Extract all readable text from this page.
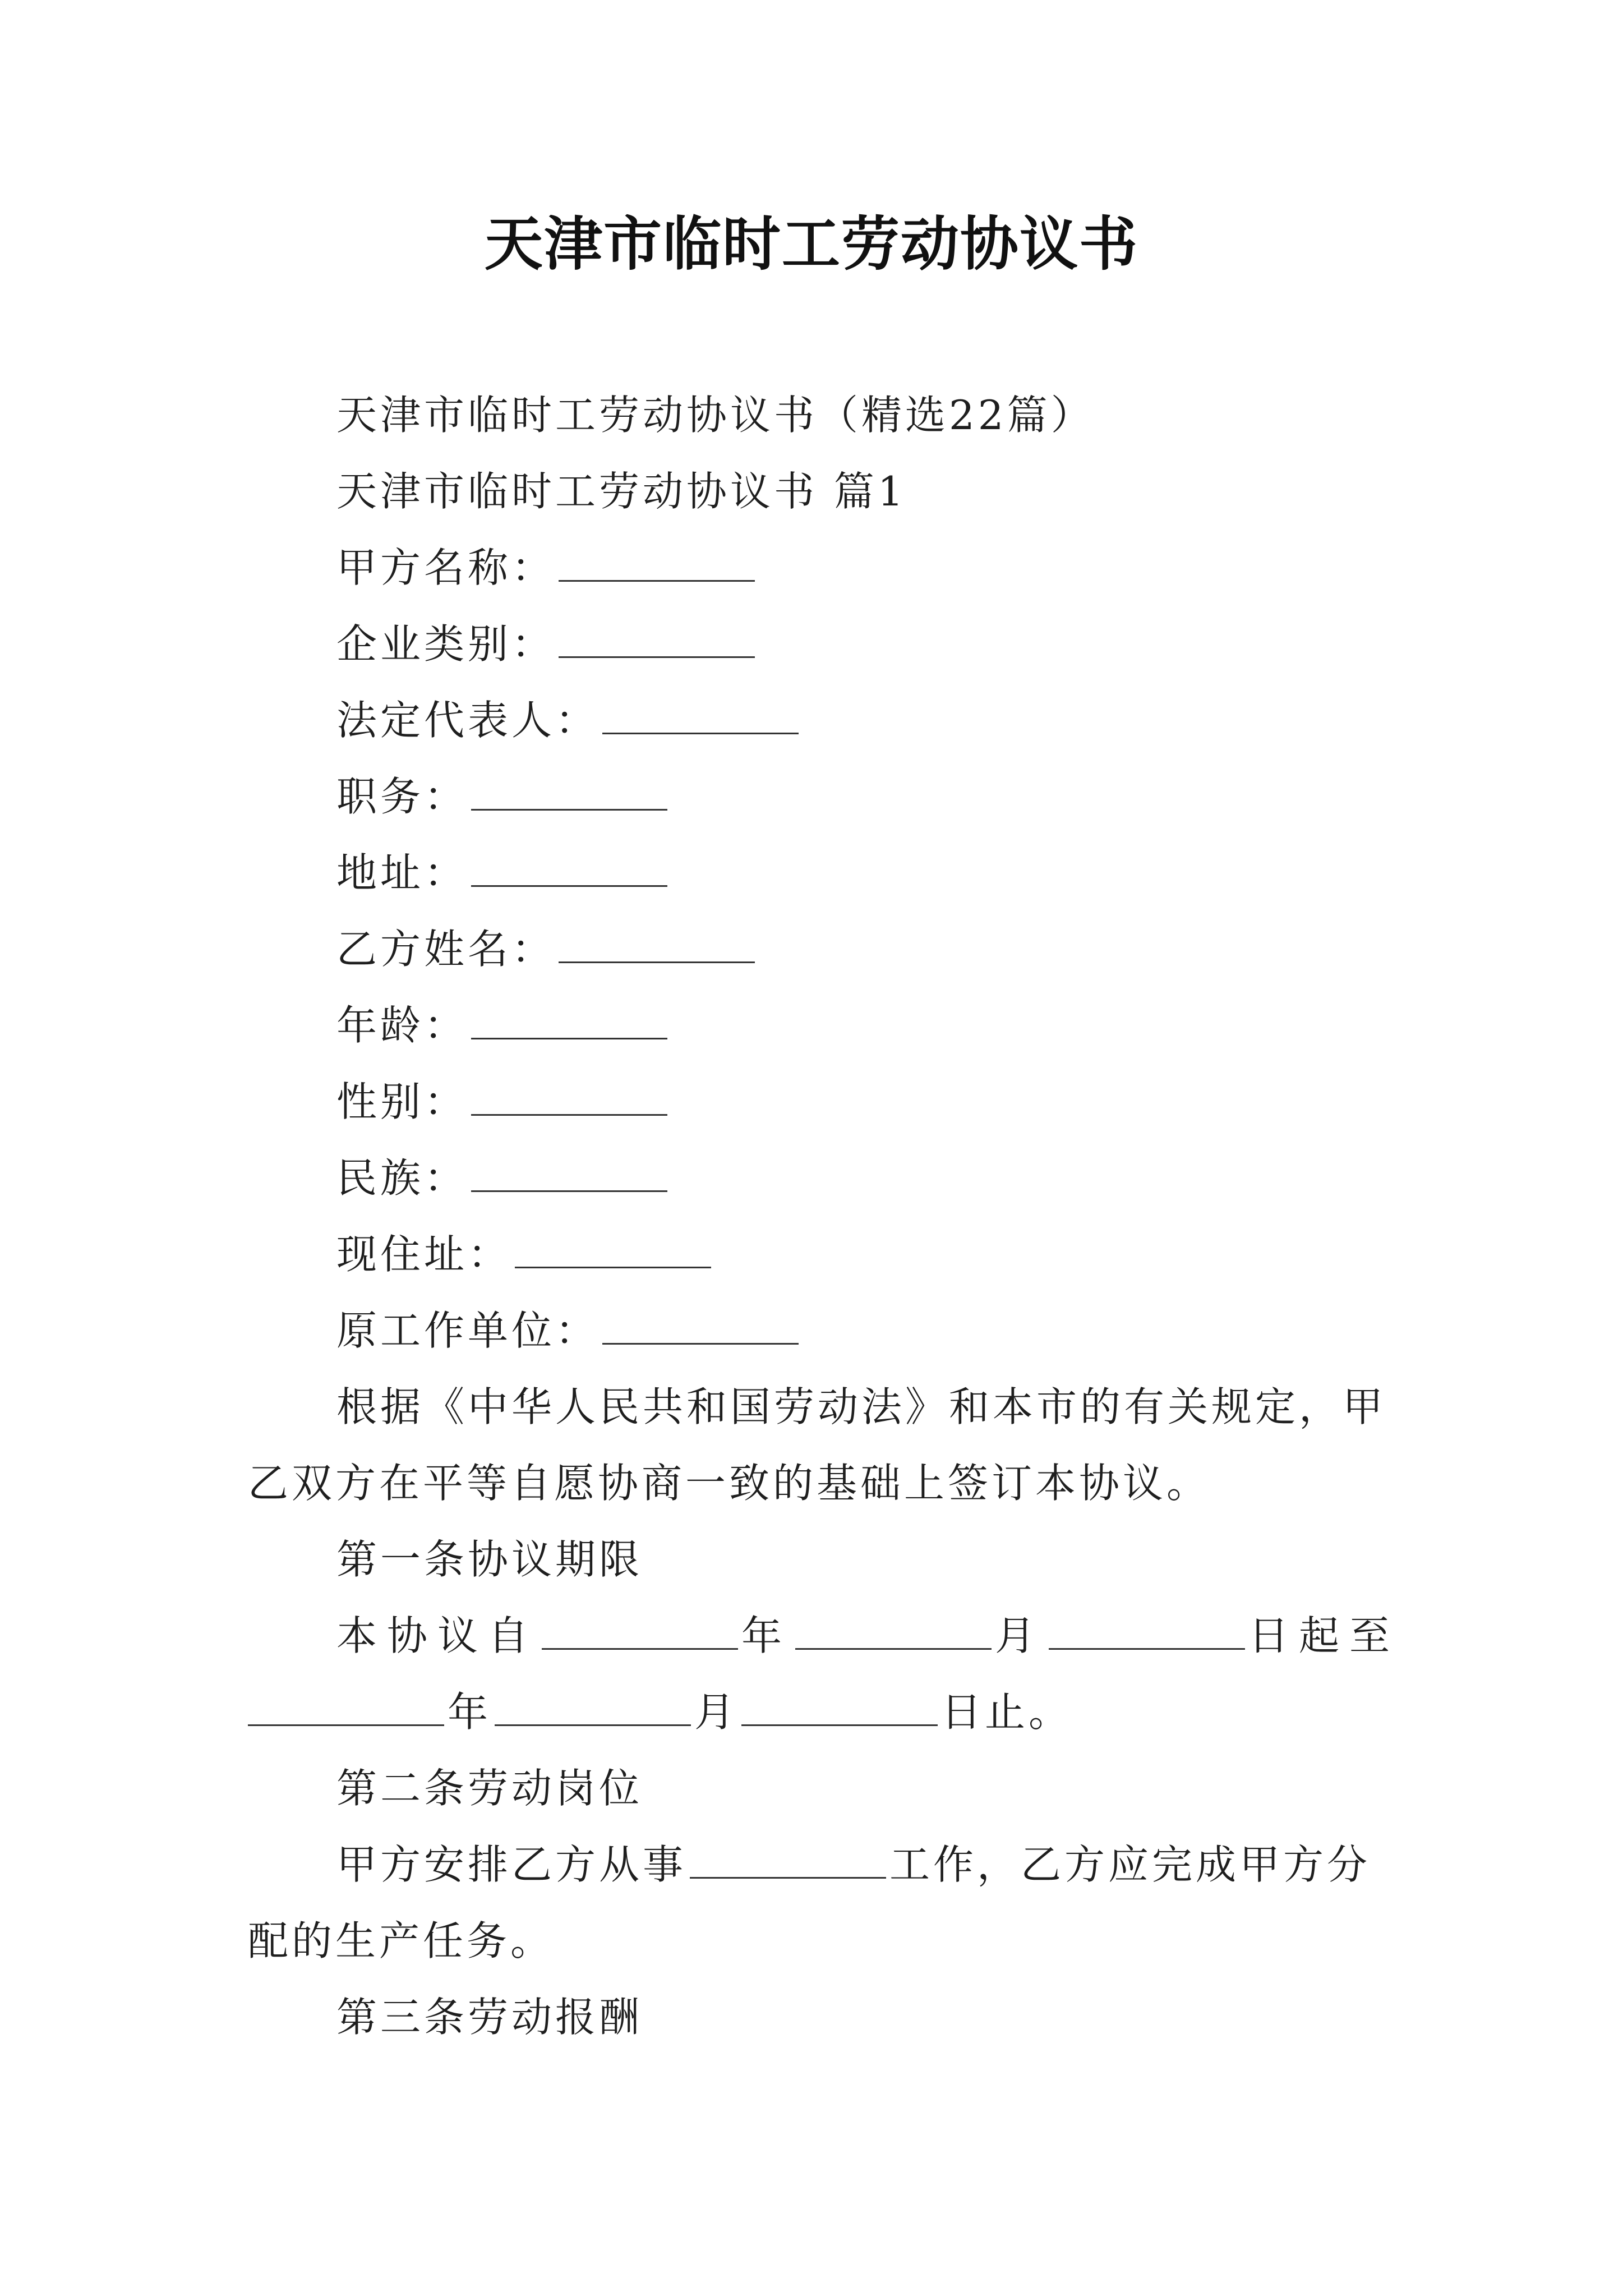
天津市临时工劳动协议书
天津市临时工劳动协议书（精选22篇）
天津市临时工劳动协议书 篇1
甲方名称：
企业类别：
法定代表人：
职务：
地址：
乙方姓名：
年龄：
性别：
民族：
现住址：
原工作单位：
根据《中华人民共和国劳动法》和本市的有关规定，甲
乙双方在平等自愿协商一致的基础上签订本协议。
第一条协议期限
本协议自	年	月	日起至
年	月	日止。
第二条劳动岗位
甲方安排乙方从事	工作，乙方应完成甲方分
配的生产任务。
第三条劳动报酬
